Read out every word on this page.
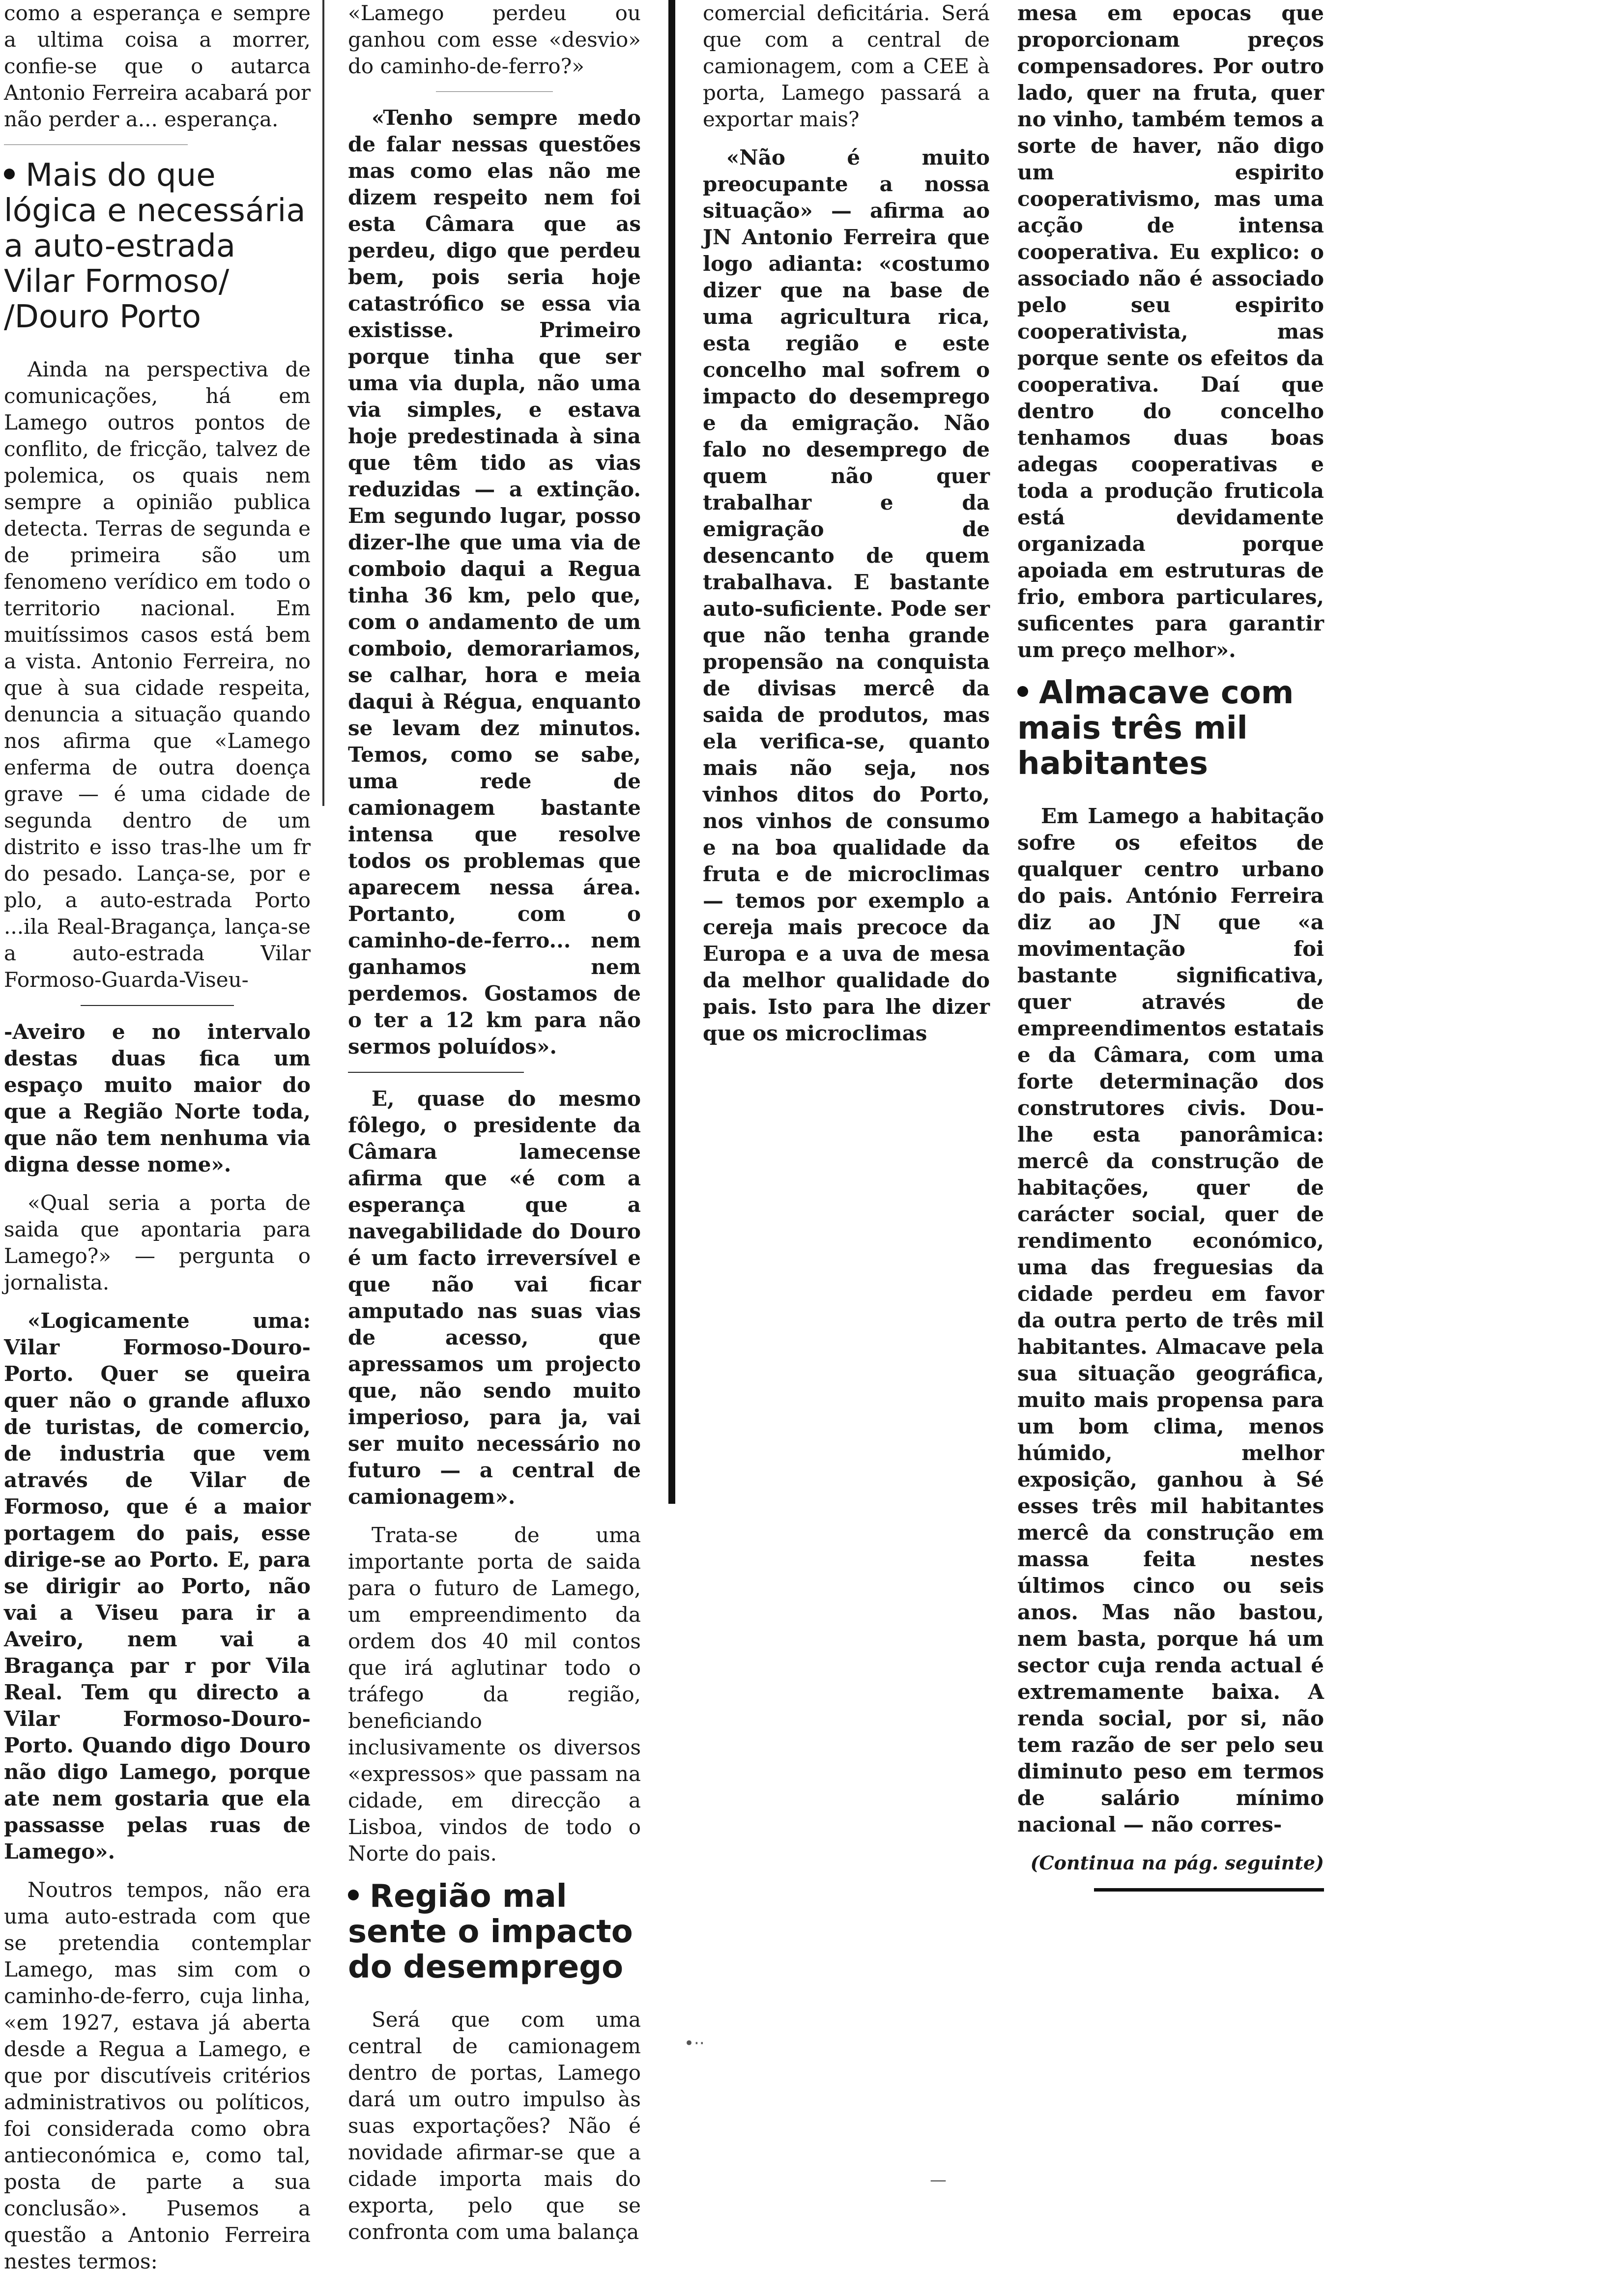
como a esperança e sempre a ultima coisa a morrer, confie-se que o autarca Antonio Ferreira acabará por não perder a... esperança.

Mais do que lógica e necessária a auto-estrada Vilar Formoso/ /Douro Porto

Ainda na perspectiva de comunicações, há em Lamego outros pontos de conflito, de fricção, talvez de polemica, os quais nem sempre a opinião publica detecta. Terras de segunda e de primeira são um fenomeno verídico em todo o territorio nacional. Em muitíssimos casos está bem a vista. Antonio Ferreira, no que à sua cidade respeita, denuncia a situação quando nos afirma que «Lamego enferma de outra doença grave — é uma cidade de segunda dentro de um distrito e isso tras-lhe um fr do pesado. Lança-se, por e plo, a auto-estrada Porto ...ila Real-Bragança, lança-se a auto-estrada Vilar Formoso-Guarda-Viseu-

-Aveiro e no intervalo destas duas fica um espaço muito maior do que a Região Norte toda, que não tem nenhuma via digna desse nome».

«Qual seria a porta de saida que apontaria para Lamego?» — pergunta o jornalista.

«Logicamente uma: Vilar Formoso-Douro-Porto. Quer se queira quer não o grande afluxo de turistas, de comercio, de industria que vem através de Vilar de Formoso, que é a maior portagem do pais, esse dirige-se ao Porto. E, para se dirigir ao Porto, não vai a Viseu para ir a Aveiro, nem vai a Bragança par r por Vila Real. Tem qu directo a Vilar Formoso-Douro-Porto. Quando digo Douro não digo Lamego, porque ate nem gostaria que ela passasse pelas ruas de Lamego».

Noutros tempos, não era uma auto-estrada com que se pretendia contemplar Lamego, mas sim com o caminho-de-ferro, cuja linha, «em 1927, estava já aberta desde a Regua a Lamego, e que por discutíveis critérios administrativos ou políticos, foi considerada como obra antieconómica e, como tal, posta de parte a sua conclusão». Pusemos a questão a Antonio Ferreira nestes termos:

«Lamego perdeu ou ganhou com esse «desvio» do caminho-de-ferro?»

«Tenho sempre medo de falar nessas questões mas como elas não me dizem respeito nem foi esta Câmara que as perdeu, digo que perdeu bem, pois seria hoje catastrófico se essa via existisse. Primeiro porque tinha que ser uma via dupla, não uma via simples, e estava hoje predestinada à sina que têm tido as vias reduzidas — a extinção. Em segundo lugar, posso dizer-lhe que uma via de comboio daqui a Regua tinha 36 km, pelo que, com o andamento de um comboio, demorariamos, se calhar, hora e meia daqui à Régua, enquanto se levam dez minutos. Temos, como se sabe, uma rede de camionagem bastante intensa que resolve todos os problemas que aparecem nessa área. Portanto, com o caminho-de-ferro... nem ganhamos nem perdemos. Gostamos de o ter a 12 km para não sermos poluídos».

E, quase do mesmo fôlego, o presidente da Câmara lamecense afirma que «é com a esperança que a navegabilidade do Douro é um facto irreversível e que não vai ficar amputado nas suas vias de acesso, que apressamos um projecto que, não sendo muito imperioso, para ja, vai ser muito necessário no futuro — a central de camionagem».

Trata-se de uma importante porta de saida para o futuro de Lamego, um empreendimento da ordem dos 40 mil contos que irá aglutinar todo o tráfego da região, beneficiando inclusivamente os diversos «expressos» que passam na cidade, em direcção a Lisboa, vindos de todo o Norte do pais.

Região mal sente o impacto do desemprego

Será que com uma central de camionagem dentro de portas, Lamego dará um outro impulso às suas exportações? Não é novidade afirmar-se que a cidade importa mais do exporta, pelo que se confronta com uma balança

comercial deficitária. Será que com a central de camionagem, com a CEE à porta, Lamego passará a exportar mais?

«Não é muito preocupante a nossa situação» — afirma ao JN Antonio Ferreira que logo adianta: «costumo dizer que na base de uma agricultura rica, esta região e este concelho mal sofrem o impacto do desemprego e da emigração. Não falo no desemprego de quem não quer trabalhar e da emigração de desencanto de quem trabalhava. E bastante auto-suficiente. Pode ser que não tenha grande propensão na conquista de divisas mercê da saida de produtos, mas ela verifica-se, quanto mais não seja, nos vinhos ditos do Porto, nos vinhos de consumo e na boa qualidade da fruta e de microclimas — temos por exemplo a cereja mais precoce da Europa e a uva de mesa da melhor qualidade do pais. Isto para lhe dizer que os microclimas

mesa em epocas que proporcionam preços compensadores. Por outro lado, quer na fruta, quer no vinho, também temos a sorte de haver, não digo um espirito cooperativismo, mas uma acção de intensa cooperativa. Eu explico: o associado não é associado pelo seu espirito cooperativista, mas porque sente os efeitos da cooperativa. Daí que dentro do concelho tenhamos duas boas adegas cooperativas e toda a produção fruticola está devidamente organizada porque apoiada em estruturas de frio, embora particulares, suficentes para garantir um preço melhor».

Almacave com mais três mil habitantes

Em Lamego a habitação sofre os efeitos de qualquer centro urbano do pais. António Ferreira diz ao JN que «a movimentação foi bastante significativa, quer através de empreendimentos estatais e da Câmara, com uma forte determinação dos construtores civis. Dou-lhe esta panorâmica: mercê da construção de habitações, quer de carácter social, quer de rendimento económico, uma das freguesias da cidade perdeu em favor da outra perto de três mil habitantes. Almacave pela sua situação geográfica, muito mais propensa para um bom clima, menos húmido, melhor exposição, ganhou à Sé esses três mil habitantes mercê da construção em massa feita nestes últimos cinco ou seis anos. Mas não bastou, nem basta, porque há um sector cuja renda actual é extremamente baixa. A renda social, por si, não tem razão de ser pelo seu diminuto peso em termos de salário mínimo nacional — não corres-

(Continua na pág. seguinte)

•··
—
